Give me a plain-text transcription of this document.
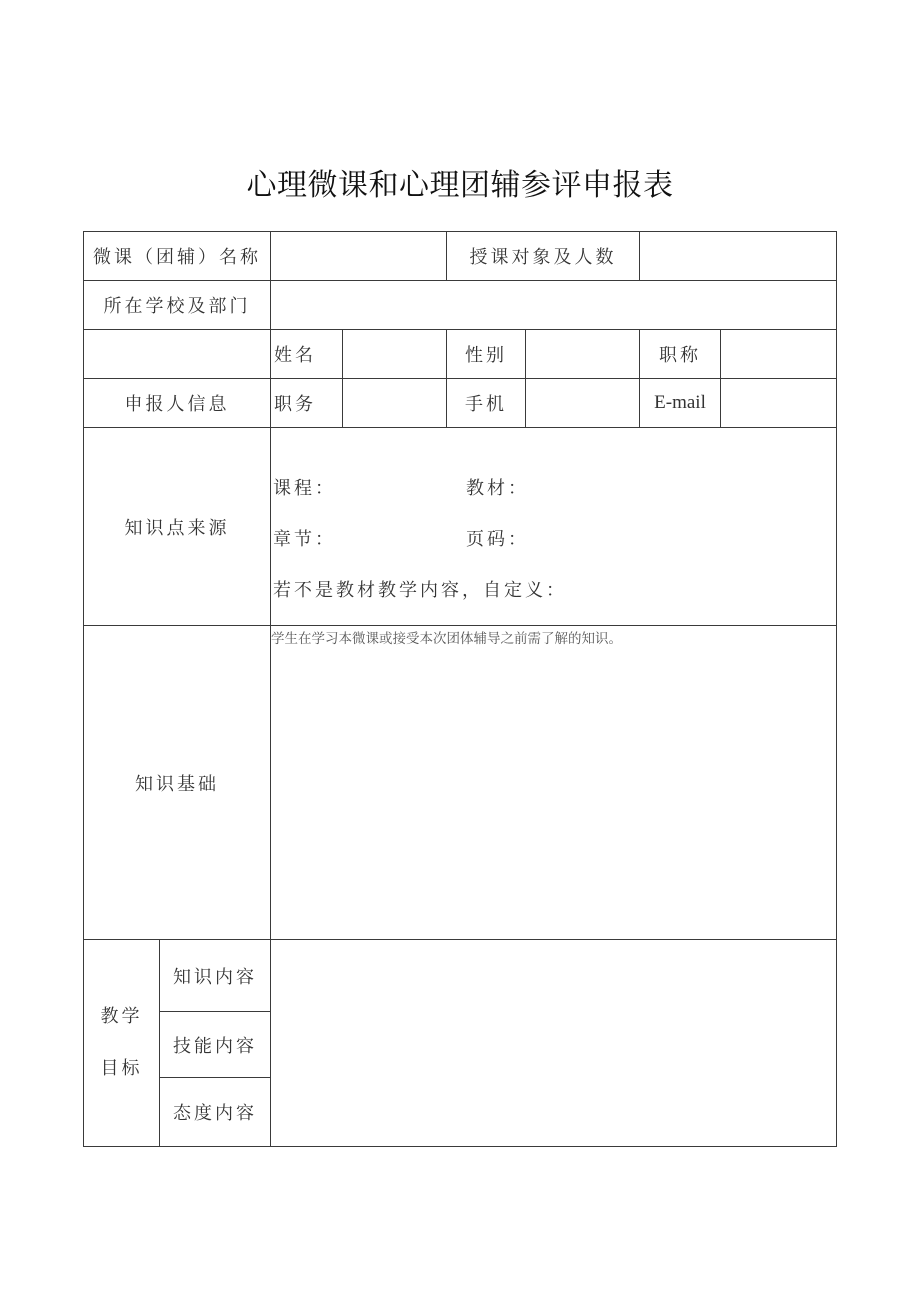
心理微课和心理团辅参评申报表
微课（团辅）名称	授课对象及人数
所在学校及部门
姓名	性别	职称
申报人信息	职务	手机	E-mail
知识点来源
课程：	教材：
章节：	页码：
若不是教材教学内容，自定义：
知识基础
学生在学习本微课或接受本次团体辅导之前需了解的知识。
教学
目标
知识内容
技能内容
态度内容
